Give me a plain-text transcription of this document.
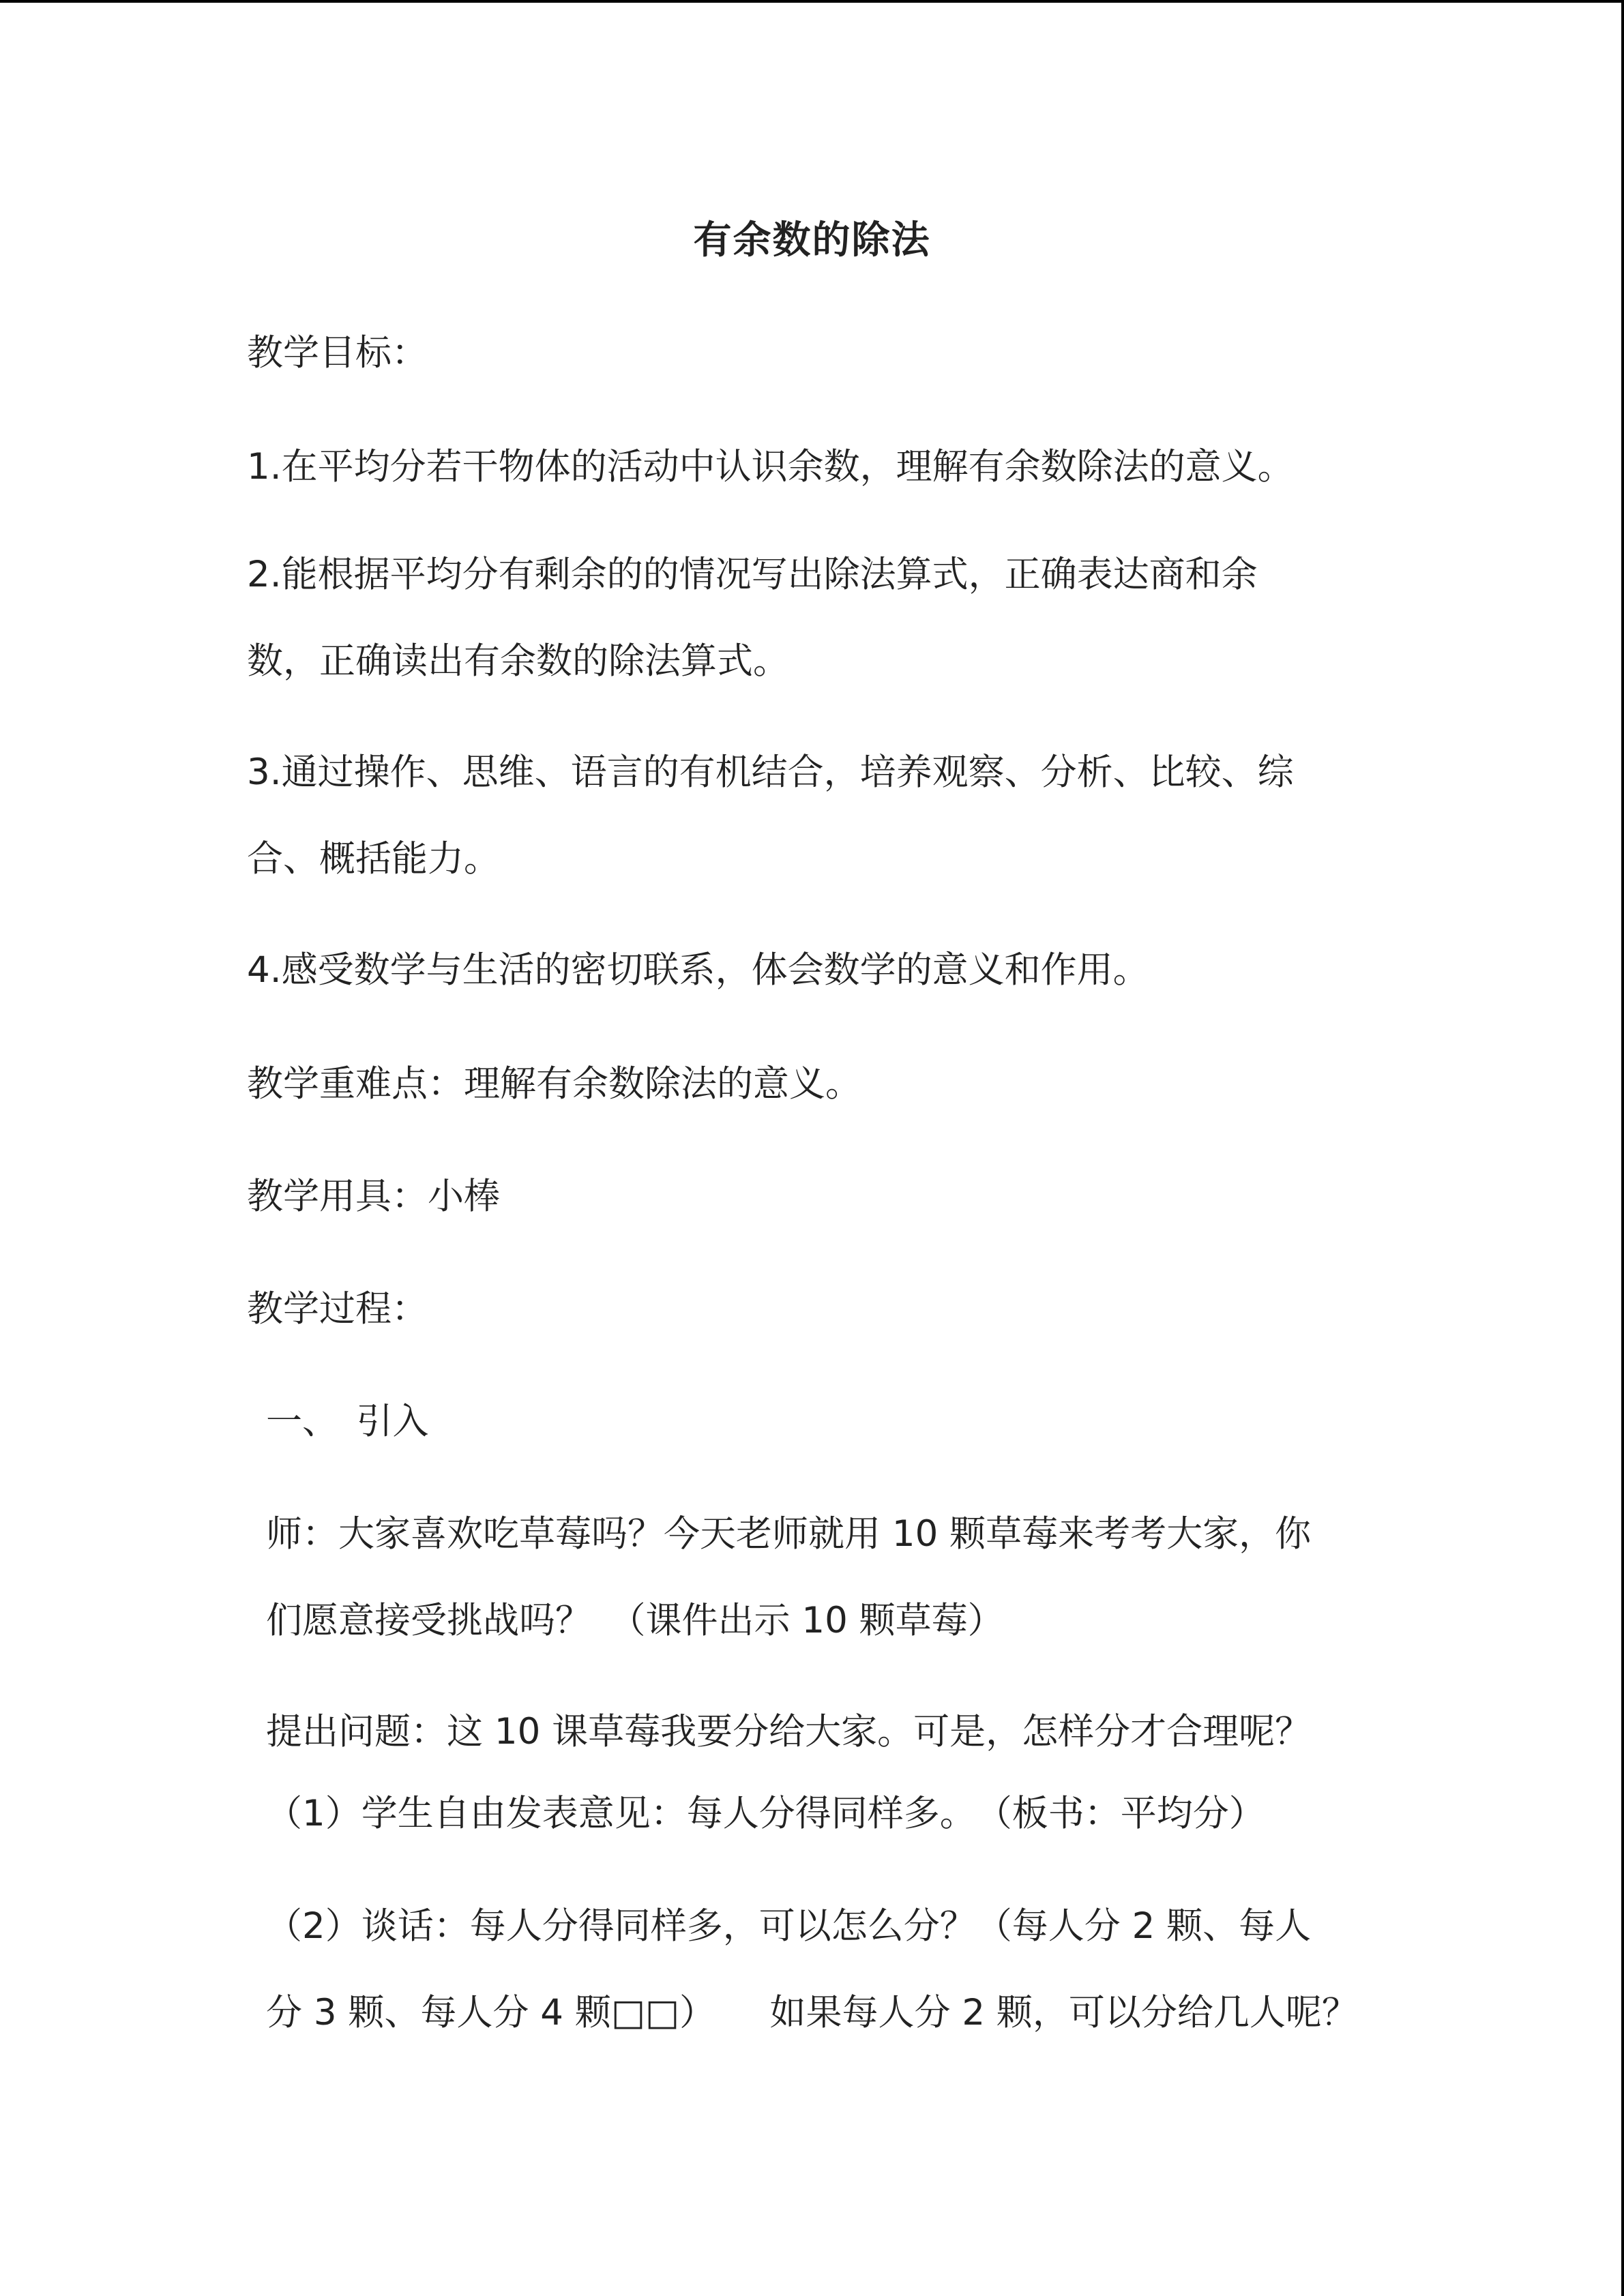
有余数的除法
教学目标：
1.在平均分若干物体的活动中认识余数，理解有余数除法的意义。
2.能根据平均分有剩余的的情况写出除法算式，正确表达商和余
数，正确读出有余数的除法算式。
3.通过操作、思维、语言的有机结合，培养观察、分析、比较、综
合、概括能力。
4.感受数学与生活的密切联系，体会数学的意义和作用。
教学重难点：理解有余数除法的意义。
教学用具：小棒
教学过程：
一、　引入
师：大家喜欢吃草莓吗？今天老师就用 10 颗草莓来考考大家，你
们愿意接受挑战吗？　（课件出示 10 颗草莓）
提出问题：这 10 课草莓我要分给大家。可是，怎样分才合理呢？
（1）学生自由发表意见：每人分得同样多。　（板书：平均分）
（2）谈话：每人分得同样多，可以怎么分？（每人分 2 颗、每人
分 3 颗、每人分 4 颗□□）　　如果每人分 2 颗，可以分给几人呢？
